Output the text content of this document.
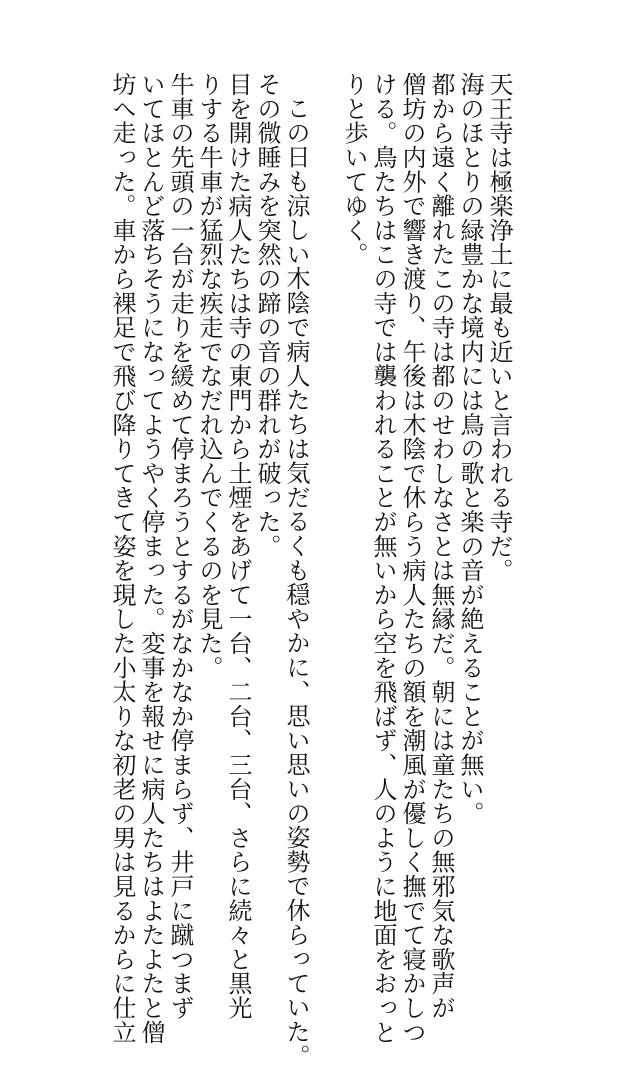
天王寺は極楽浄土に最も近いと言われる寺だ。
海のほとりの緑豊かな境内には鳥の歌と楽の音が絶えることが無い。
都から遠く離れたこの寺は都のせわしなさとは無縁だ。朝には童たちの無邪気な歌声が
僧坊の内外で響き渡り、午後は木陰で休らう病人たちの額を潮風が優しく撫でて寝かしつ
ける。鳥たちはこの寺では襲われることが無いから空を飛ばず、人のように地面をおっと
りと歩いてゆく。
この日も涼しい木陰で病人たちは気だるくも穏やかに、思い思いの姿勢で休らっていた。
その微睡みを突然の蹄の音の群れが破った。
目を開けた病人たちは寺の東門から土煙をあげて一台、二台、三台、さらに続々と黒光
りする牛車が猛烈な疾走でなだれ込んでくるのを見た。
牛車の先頭の一台が走りを緩めて停まろうとするがなかなか停まらず、井戸に蹴つまず
いてほとんど落ちそうになってようやく停まった。変事を報せに病人たちはよたよたと僧
坊へ走った。車から裸足で飛び降りてきて姿を現した小太りな初老の男は見るからに仕立
